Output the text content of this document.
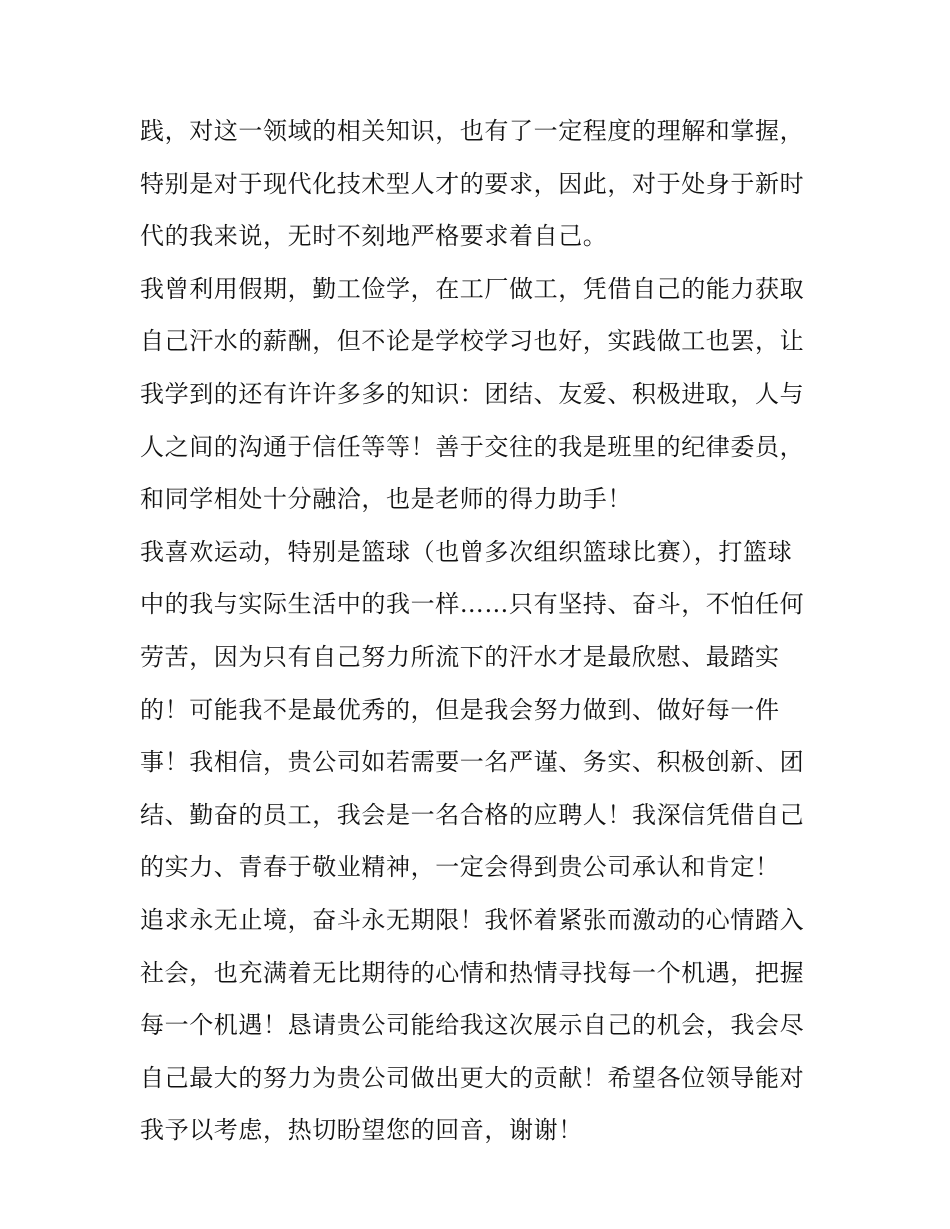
践，对这一领域的相关知识，也有了一定程度的理解和掌握，
特别是对于现代化技术型人才的要求，因此，对于处身于新时
代的我来说，无时不刻地严格要求着自己。
我曾利用假期，勤工俭学，在工厂做工，凭借自己的能力获取
自己汗水的薪酬，但不论是学校学习也好，实践做工也罢，让
我学到的还有许许多多的知识：团结、友爱、积极进取，人与
人之间的沟通于信任等等！善于交往的我是班里的纪律委员，
和同学相处十分融洽，也是老师的得力助手！
我喜欢运动，特别是篮球（也曾多次组织篮球比赛），打篮球
中的我与实际生活中的我一样……只有坚持、奋斗，不怕任何
劳苦，因为只有自己努力所流下的汗水才是最欣慰、最踏实
的！可能我不是最优秀的，但是我会努力做到、做好每一件
事！我相信，贵公司如若需要一名严谨、务实、积极创新、团
结、勤奋的员工，我会是一名合格的应聘人！我深信凭借自己
的实力、青春于敬业精神，一定会得到贵公司承认和肯定！
追求永无止境，奋斗永无期限！我怀着紧张而激动的心情踏入
社会，也充满着无比期待的心情和热情寻找每一个机遇，把握
每一个机遇！恳请贵公司能给我这次展示自己的机会，我会尽
自己最大的努力为贵公司做出更大的贡献！希望各位领导能对
我予以考虑，热切盼望您的回音，谢谢！
